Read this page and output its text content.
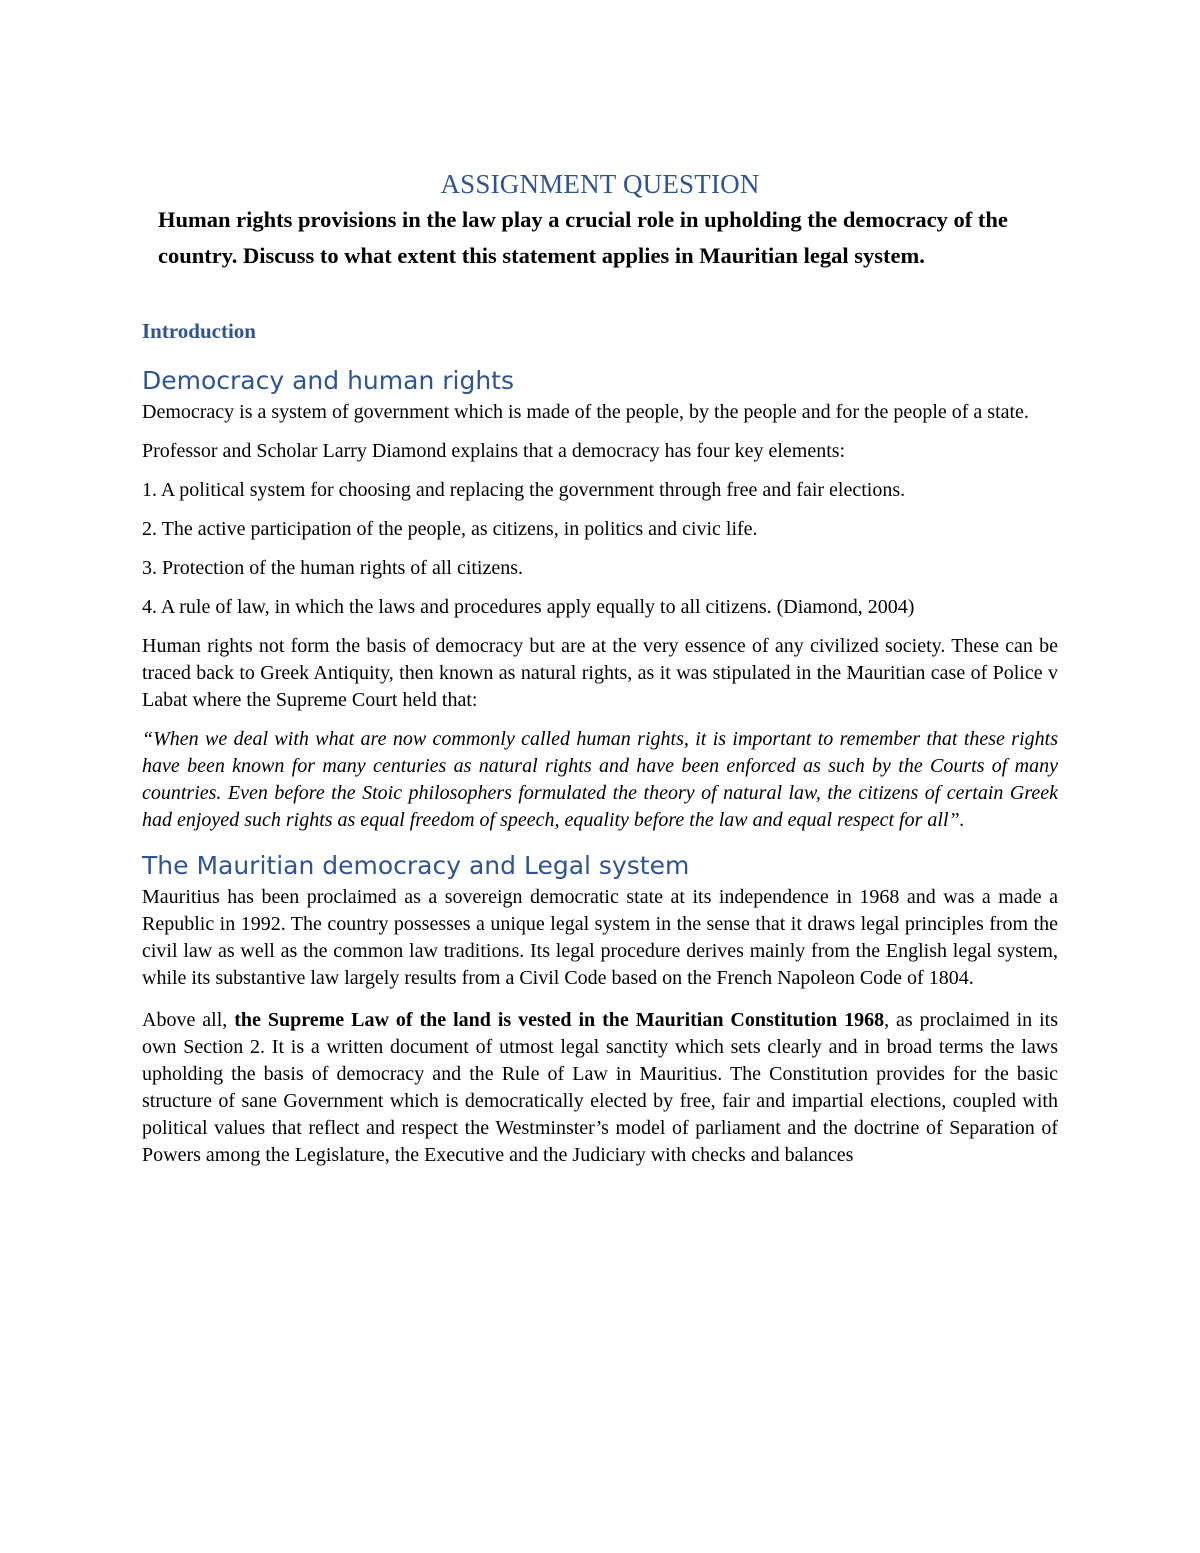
ASSIGNMENT QUESTION
Human rights provisions in the law play a crucial role in upholding the democracy of the country. Discuss to what extent this statement applies in Mauritian legal system.
Introduction
Democracy and human rights

Democracy is a system of government which is made of the people, by the people and for the people of a state.

Professor and Scholar Larry Diamond explains that a democracy has four key elements:

1. A political system for choosing and replacing the government through free and fair elections.

2. The active participation of the people, as citizens, in politics and civic life.

3. Protection of the human rights of all citizens.

4. A rule of law, in which the laws and procedures apply equally to all citizens. (Diamond, 2004)

Human rights not form the basis of democracy but are at the very essence of any civilized society. These can be traced back to Greek Antiquity, then known as natural rights, as it was stipulated in the Mauritian case of Police v Labat where the Supreme Court held that:

“When we deal with what are now commonly called human rights, it is important to remember that these rights have been known for many centuries as natural rights and have been enforced as such by the Courts of many countries. Even before the Stoic philosophers formulated the theory of natural law, the citizens of certain Greek had enjoyed such rights as equal freedom of speech, equality before the law and equal respect for all”.

The Mauritian democracy and Legal system

Mauritius has been proclaimed as a sovereign democratic state at its independence in 1968 and was a made a Republic in 1992. The country possesses a unique legal system in the sense that it draws legal principles from the civil law as well as the common law traditions. Its legal procedure derives mainly from the English legal system, while its substantive law largely results from a Civil Code based on the French Napoleon Code of 1804.

Above all, the Supreme Law of the land is vested in the Mauritian Constitution 1968, as proclaimed in its own Section 2. It is a written document of utmost legal sanctity which sets clearly and in broad terms the laws upholding the basis of democracy and the Rule of Law in Mauritius. The Constitution provides for the basic structure of sane Government which is democratically elected by free, fair and impartial elections, coupled with political values that reflect and respect the Westminster’s model of parliament and the doctrine of Separation of Powers among the Legislature, the Executive and the Judiciary with checks and balances
